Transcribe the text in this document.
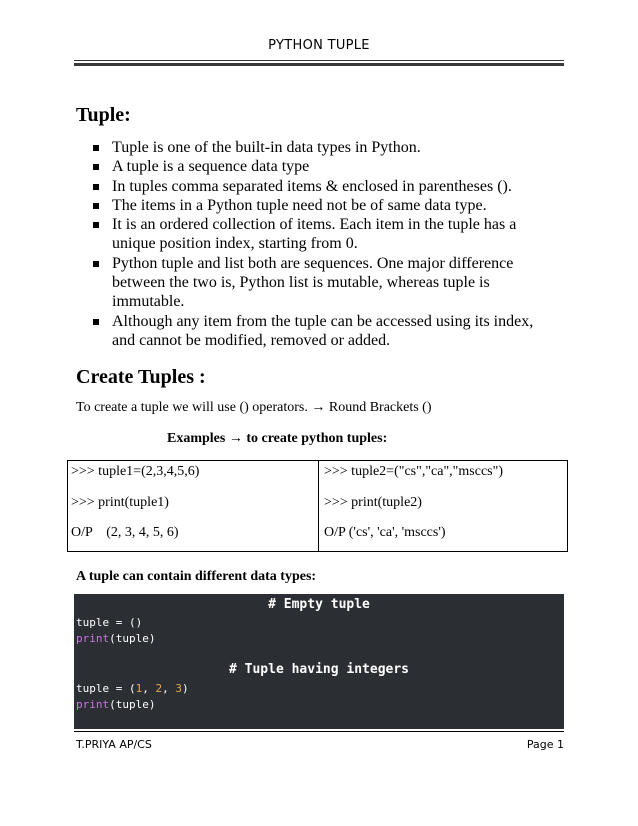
PYTHON TUPLE
Tuple:
Tuple is one of the built-in data types in Python.
A tuple is a sequence data type
In tuples comma separated items & enclosed in parentheses ().
The items in a Python tuple need not be of same data type.
It is an ordered collection of items. Each item in the tuple has a unique position index, starting from 0.
Python tuple and list both are sequences. One major difference between the two is, Python list is mutable, whereas tuple is immutable.
Although any item from the tuple can be accessed using its index, and cannot be modified, removed or added.
Create Tuples :
To create a tuple we will use () operators. → Round Brackets ()
Examples → to create python tuples:
>>> tuple1=(2,3,4,5,6)
>>> print(tuple1)
O/P    (2, 3, 4, 5, 6)
>>> tuple2=("cs","ca","msccs")
>>> print(tuple2)
O/P ('cs', 'ca', 'msccs')
A tuple can contain different data types:
# Empty tuple
tuple = ()
print(tuple)
# Tuple having integers
tuple = (1, 2, 3)
print(tuple)
T.PRIYA AP/CS	Page 1
